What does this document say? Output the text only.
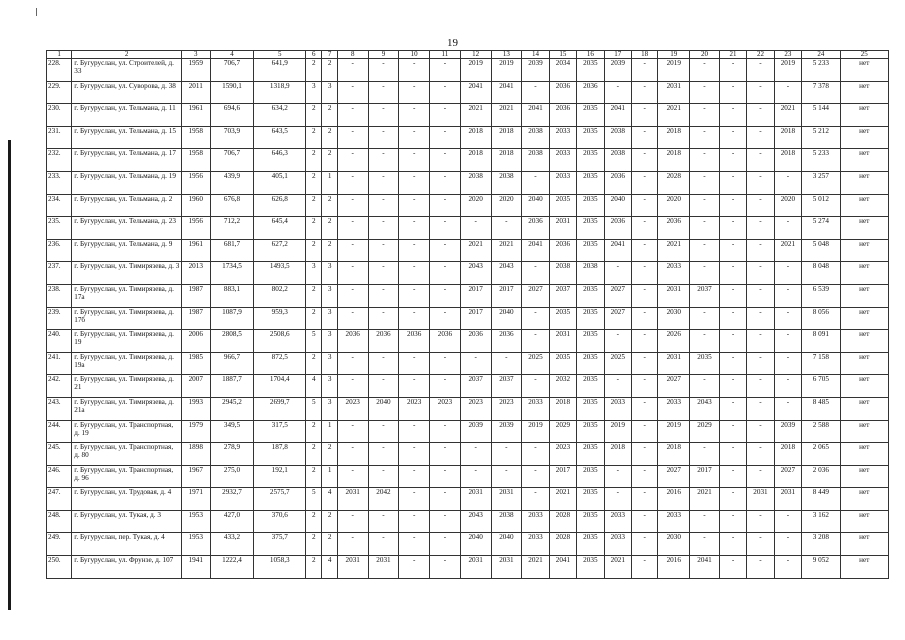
19
1	2	3	4	5	6	7	8	9	10	11	12	13	14	15	16	17	18	19	20	21	22	23	24	25
228.	г. Бугуруслан, ул. Строителей, д. 33	1959	706,7	641,9	2	2	-	-	-	-	2019	2019	2039	2034	2035	2039	-	2019	-	-	-	2019	5 233	нет
229.	г. Бугуруслан, ул. Суворова, д. 38	2011	1590,1	1318,9	3	3	-	-	-	-	2041	2041	-	2036	2036	-	-	2031	-	-	-	-	7 378	нет
230.	г. Бугуруслан, ул. Тельмана, д. 11	1961	694,6	634,2	2	2	-	-	-	-	2021	2021	2041	2036	2035	2041	-	2021	-	-	-	2021	5 144	нет
231.	г. Бугуруслан, ул. Тельмана, д. 15	1958	703,9	643,5	2	2	-	-	-	-	2018	2018	2038	2033	2035	2038	-	2018	-	-	-	2018	5 212	нет
232.	г. Бугуруслан, ул. Тельмана, д. 17	1958	706,7	646,3	2	2	-	-	-	-	2018	2018	2038	2033	2035	2038	-	2018	-	-	-	2018	5 233	нет
233.	г. Бугуруслан, ул. Тельмана, д. 19	1956	439,9	405,1	2	1	-	-	-	-	2038	2038	-	2033	2035	2036	-	2028	-	-	-	-	3 257	нет
234.	г. Бугуруслан, ул. Тельмана, д. 2	1960	676,8	626,8	2	2	-	-	-	-	2020	2020	2040	2035	2035	2040	-	2020	-	-	-	2020	5 012	нет
235.	г. Бугуруслан, ул. Тельмана, д. 23	1956	712,2	645,4	2	2	-	-	-	-	-	-	2036	2031	2035	2036	-	2036	-	-	-	-	5 274	нет
236.	г. Бугуруслан, ул. Тельмана, д. 9	1961	681,7	627,2	2	2	-	-	-	-	2021	2021	2041	2036	2035	2041	-	2021	-	-	-	2021	5 048	нет
237.	г. Бугуруслан, ул. Тимирязева, д. 3	2013	1734,5	1493,5	3	3	-	-	-	-	2043	2043	-	2038	2038	-	-	2033	-	-	-	-	8 048	нет
238.	г. Бугуруслан, ул. Тимирязева, д. 17а	1987	883,1	802,2	2	3	-	-	-	-	2017	2017	2027	2037	2035	2027	-	2031	2037	-	-	-	6 539	нет
239.	г. Бугуруслан, ул. Тимирязева, д. 17б	1987	1087,9	959,3	2	3	-	-	-	-	2017	2040	-	2035	2035	2027	-	2030	-	-	-	-	8 056	нет
240.	г. Бугуруслан, ул. Тимирязева, д. 19	2006	2808,5	2508,6	5	3	2036	2036	2036	2036	2036	2036	-	2031	2035	-	-	2026	-	-	-	-	8 091	нет
241.	г. Бугуруслан, ул. Тимирязева, д. 19а	1985	966,7	872,5	2	3	-	-	-	-	-	-	2025	2035	2035	2025	-	2031	2035	-	-	-	7 158	нет
242.	г. Бугуруслан, ул. Тимирязева, д. 21	2007	1887,7	1704,4	4	3	-	-	-	-	2037	2037	-	2032	2035	-	-	2027	-	-	-	-	6 705	нет
243.	г. Бугуруслан, ул. Тимирязева, д. 21а	1993	2945,2	2699,7	5	3	2023	2040	2023	2023	2023	2023	2033	2018	2035	2033	-	2033	2043	-	-	-	8 485	нет
244.	г. Бугуруслан, ул. Транспортная, д. 19	1979	349,5	317,5	2	1	-	-	-	-	2039	2039	2019	2029	2035	2019	-	2019	2029	-	-	2039	2 588	нет
245.	г. Бугуруслан, ул. Транспортная, д. 80	1898	278,9	187,8	2	2	-	-	-	-	-	-	-	2023	2035	2018	-	2018	-	-	-	2018	2 065	нет
246.	г. Бугуруслан, ул. Транспортная, д. 96	1967	275,0	192,1	2	1	-	-	-	-	-	-	-	2017	2035	-	-	2027	2017	-	-	2027	2 036	нет
247.	г. Бугуруслан, ул. Трудовая, д. 4	1971	2932,7	2575,7	5	4	2031	2042	-	-	2031	2031	-	2021	2035	-	-	2016	2021	-	2031	2031	8 449	нет
248.	г. Бугуруслан, ул. Тукая, д. 3	1953	427,0	370,6	2	2	-	-	-	-	2043	2038	2033	2028	2035	2033	-	2033	-	-	-	-	3 162	нет
249.	г. Бугуруслан, пер. Тукая, д. 4	1953	433,2	375,7	2	2	-	-	-	-	2040	2040	2033	2028	2035	2033	-	2030	-	-	-	-	3 208	нет
250.	г. Бугуруслан, ул. Фрунзе, д. 107	1941	1222,4	1058,3	2	4	2031	2031	-	-	2031	2031	2021	2041	2035	2021	-	2016	2041	-	-	-	9 052	нет
